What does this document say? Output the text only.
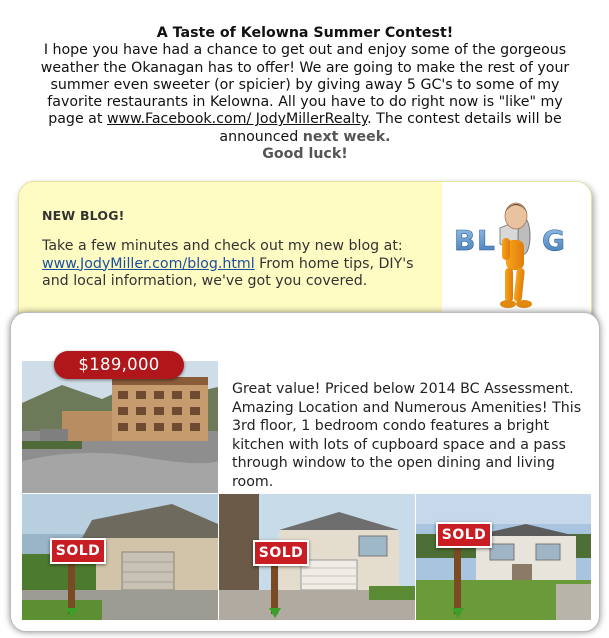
A Taste of Kelowna Summer Contest!
I hope you have had a chance to get out and enjoy some of the gorgeous weather the Okanagan has to offer! We are going to make the rest of your summer even sweeter (or spicier) by giving away 5 GC's to some of my favorite restaurants in Kelowna. All you have to do right now is "like" my page at www.Facebook.com/ JodyMillerRealty. The contest details will be announced next week.
Good luck!
NEW BLOG!
Take a few minutes and check out my new blog at: www.JodyMiller.com/blog.html From home tips, DIY's and local information, we've got you covered.
B L G
$189,000
Great value! Priced below 2014 BC Assessment. Amazing Location and Numerous Amenities! This 3rd floor, 1 bedroom condo features a bright kitchen with lots of cupboard space and a pass through window to the open dining and living room.
SOLD	SOLD
SOLD
